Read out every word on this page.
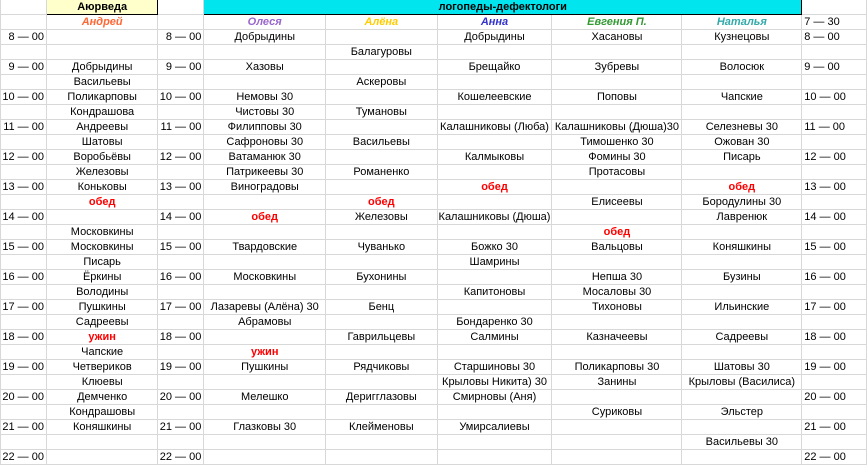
	Аюрведа		логопеды-дефектологи					
	Андрей		Олеся	Алёна	Анна	Евгения П.	Наталья	7 — 30
8 — 00		8 — 00	Добрыдины		Добрыдины	Хасановы	Кузнецовы	8 — 00
				Балагуровы				
9 — 00	Добрыдины	9 — 00	Хазовы		Брещайко	Зубревы	Волосюк	9 — 00
	Васильевы			Аскеровы				
10 — 00	Поликарповы	10 — 00	Немовы 30		Кошелеевские	Поповы	Чапские	10 — 00
	Кондрашова		Чистовы 30	Тумановы				
11 — 00	Андреевы	11 — 00	Филипповы 30		Калашниковы (Люба)	Калашниковы (Дюша)30	Селезневы 30	11 — 00
	Шатовы		Сафроновы 30	Васильевы		Тимошенко 30	Ожован 30	
12 — 00	Воробьёвы	12 — 00	Ватаманюк 30		Калмыковы	Фомины 30	Писарь	12 — 00
	Железовы		Патрикеевы 30	Романенко		Протасовы		
13 — 00	Коньковы	13 — 00	Виноградовы		обед		обед	13 — 00
	обед			обед		Елисеевы	Бородулины 30	
14 — 00		14 — 00	обед	Железовы	Калашниковы (Дюша)		Лавренюк	14 — 00
	Московкины					обед		
15 — 00	Московкины	15 — 00	Твардовские	Чуванько	Божко 30	Вальцовы	Коняшкины	15 — 00
	Писарь				Шамрины			
16 — 00	Ёркины	16 — 00	Московкины	Бухонины		Непша 30	Бузины	16 — 00
	Володины				Капитоновы	Мосаловы 30		
17 — 00	Пушкины	17 — 00	Лазаревы (Алёна) 30	Бенц		Тихоновы	Ильинские	17 — 00
	Садреевы		Абрамовы		Бондаренко 30			
18 — 00	ужин	18 — 00		Гаврильцевы	Салмины	Казначеевы	Садреевы	18 — 00
	Чапские		ужин					
19 — 00	Четвериков	19 — 00	Пушкины	Рядчиковы	Старшиновы 30	Поликарповы 30	Шатовы 30	19 — 00
	Клюевы				Крыловы Никита) 30	Занины	Крыловы (Василиса)	
20 — 00	Демченко	20 — 00	Мелешко	Деригглазовы	Смирновы (Аня)			20 — 00
	Кондрашовы					Суриковы	Эльстер	
21 — 00	Коняшкины	21 — 00	Глазковы 30	Клейменовы	Умирсалиевы			21 — 00
							Васильевы 30	
22 — 00		22 — 00						22 — 00
